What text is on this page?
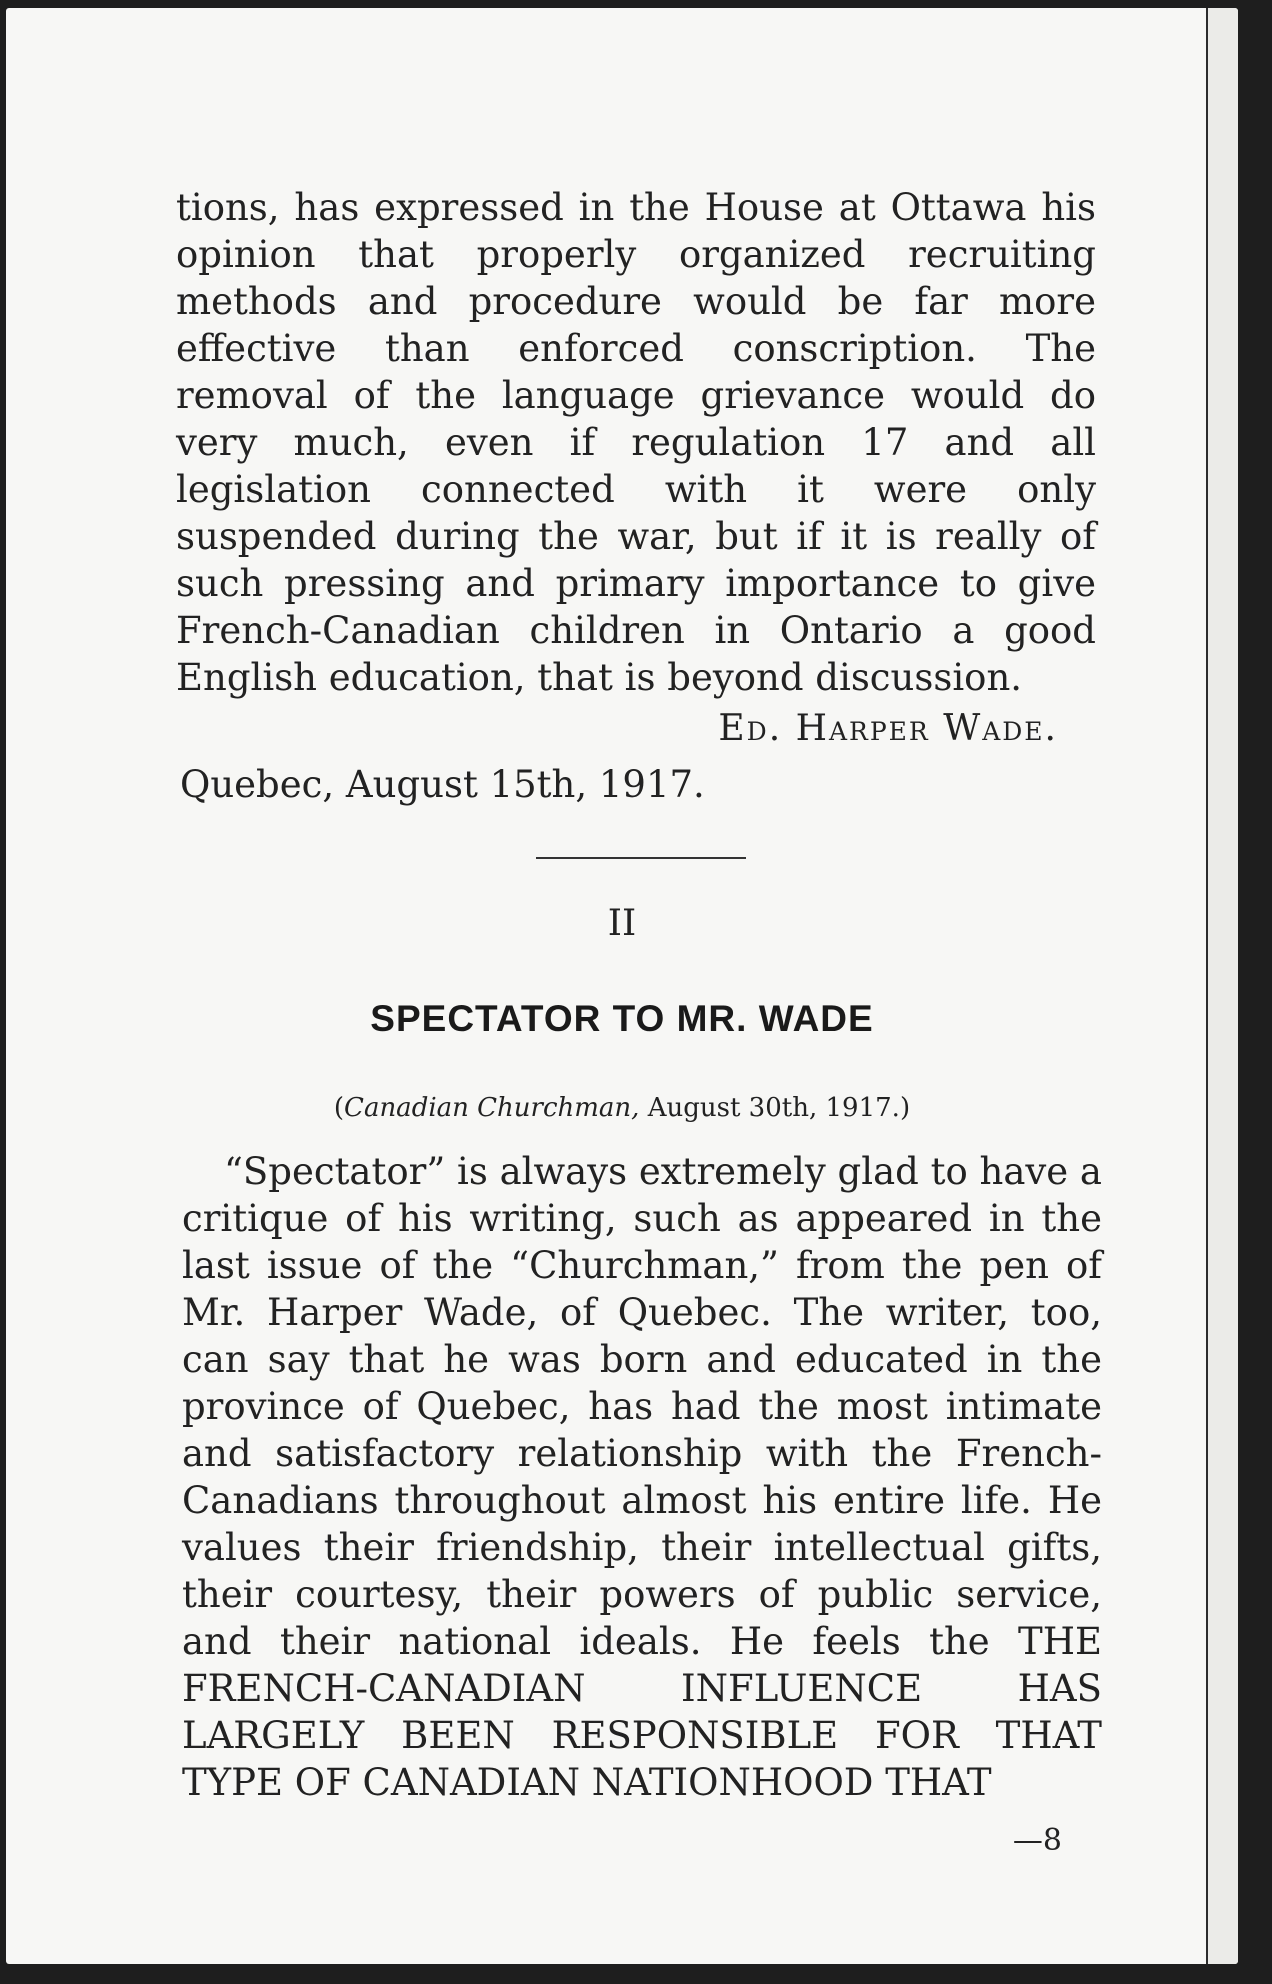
tions, has expressed in the House at Ottawa his opinion that properly organized recruiting methods and procedure would be far more effective than enforced conscription. The removal of the language grievance would do very much, even if regulation 17 and all legislation connected with it were only suspended during the war, but if it is really of such pressing and primary importance to give French-Canadian children in Ontario a good English education, that is beyond discussion.

Ed. Harper Wade.
Quebec, August 15th, 1917.
II
SPECTATOR TO MR. WADE
(Canadian Churchman, August 30th, 1917.)

“Spectator” is always extremely glad to have a critique of his writing, such as appeared in the last issue of the “Churchman,” from the pen of Mr. Harper Wade, of Quebec. The writer, too, can say that he was born and educated in the province of Quebec, has had the most intimate and satisfactory relationship with the French-Canadians throughout almost his entire life. He values their friendship, their intellectual gifts, their courtesy, their powers of public service, and their national ideals. He feels the THE FRENCH-CANADIAN INFLUENCE HAS LARGELY BEEN RESPONSIBLE FOR THAT TYPE OF CANADIAN NATIONHOOD THAT

—8
